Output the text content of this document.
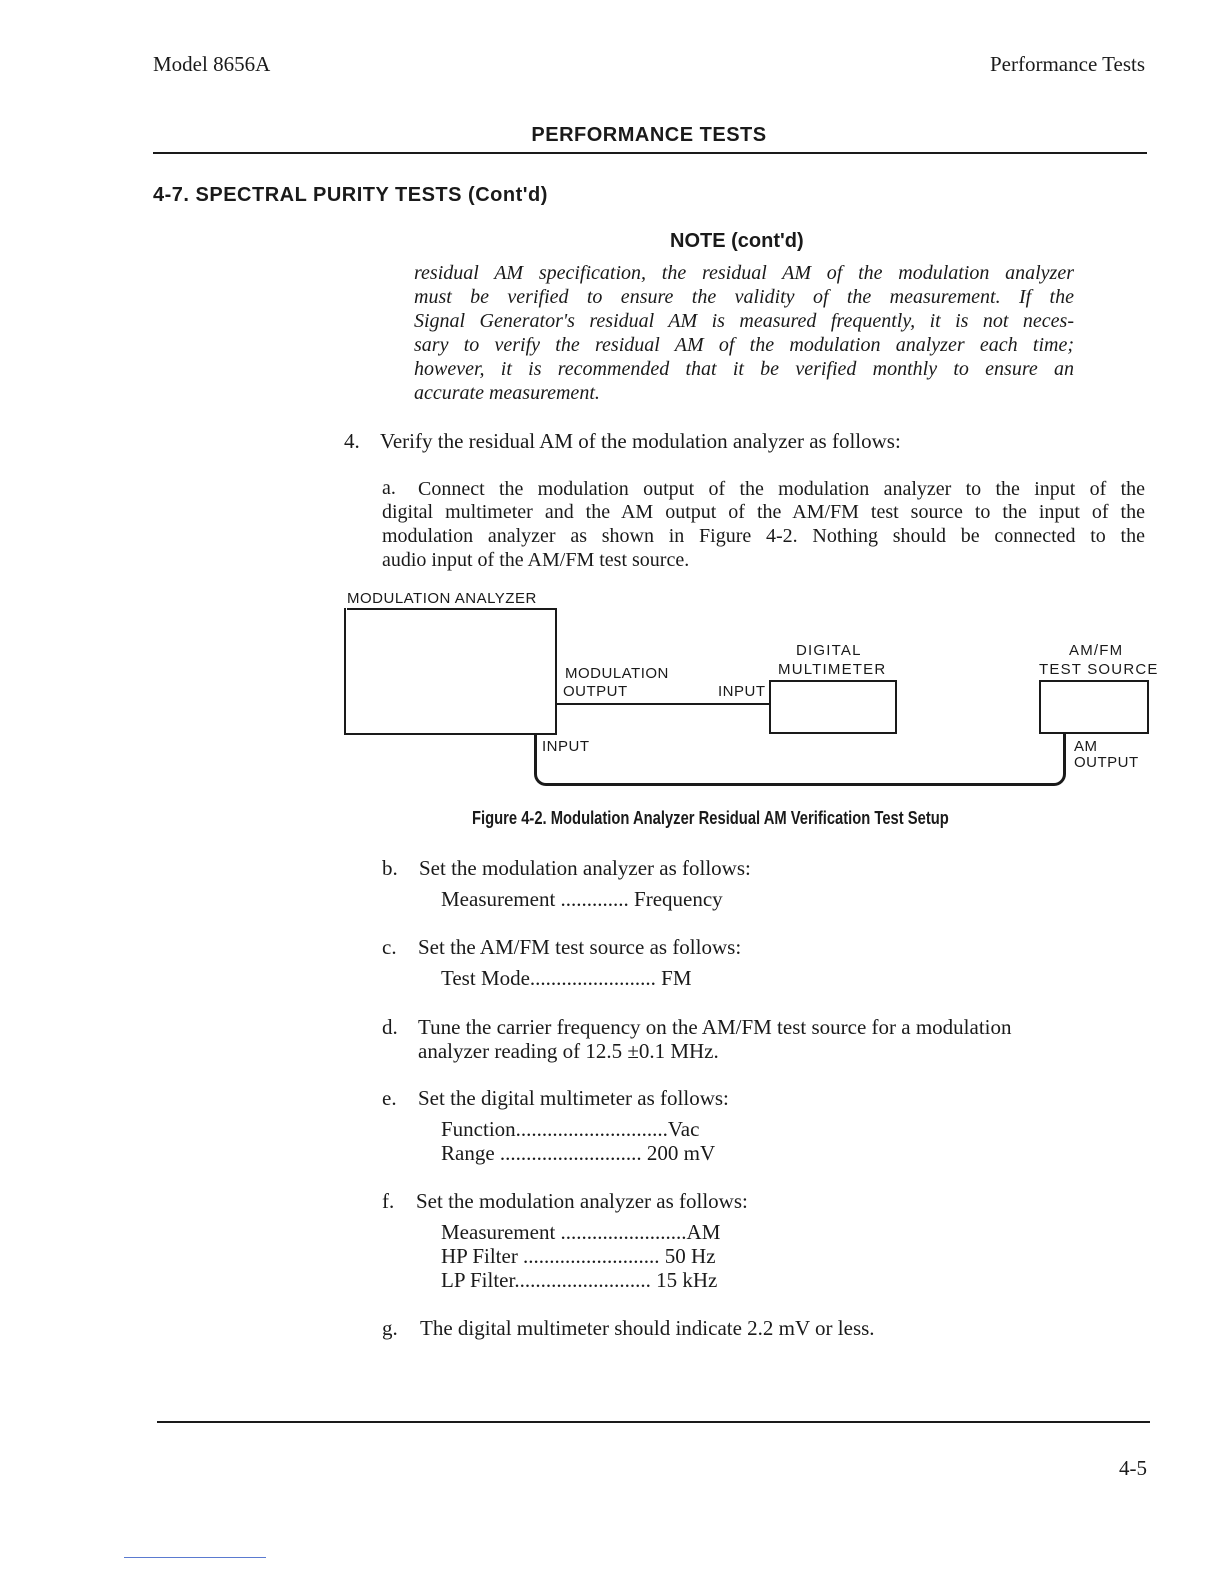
Model 8656A	Performance Tests
PERFORMANCE TESTS
4-7. SPECTRAL PURITY TESTS (Cont'd)
NOTE (cont'd)
residual AM specification, the residual AM of the modulation analyzer
must be verified to ensure the validity of the measurement. If the
Signal Generator's residual AM is measured frequently, it is not neces-
sary to verify the residual AM of the modulation analyzer each time;
however, it is recommended that it be verified monthly to ensure an
accurate measurement.
4. Verify the residual AM of the modulation analyzer as follows:
a. Connect the modulation output of the modulation analyzer to the input of the
digital multimeter and the AM output of the AM/FM test source to the input of the
modulation analyzer as shown in Figure 4-2. Nothing should be connected to the
audio input of the AM/FM test source.
MODULATION ANALYZER
MODULATION
OUTPUT
DIGITAL
MULTIMETER
INPUT
AM/FM
TEST SOURCE
INPUT	AM
OUTPUT
Figure 4-2. Modulation Analyzer Residual AM Verification Test Setup
b. Set the modulation analyzer as follows:
Measurement ............. Frequency
c. Set the AM/FM test source as follows:
Test Mode........................ FM
d. Tune the carrier frequency on the AM/FM test source for a modulation
analyzer reading of 12.5 ±0.1 MHz.
e. Set the digital multimeter as follows:
Function.............................Vac
Range ........................... 200 mV
f. Set the modulation analyzer as follows:
Measurement ........................AM
HP Filter .......................... 50 Hz
LP Filter.......................... 15 kHz
g. The digital multimeter should indicate 2.2 mV or less.
4-5
